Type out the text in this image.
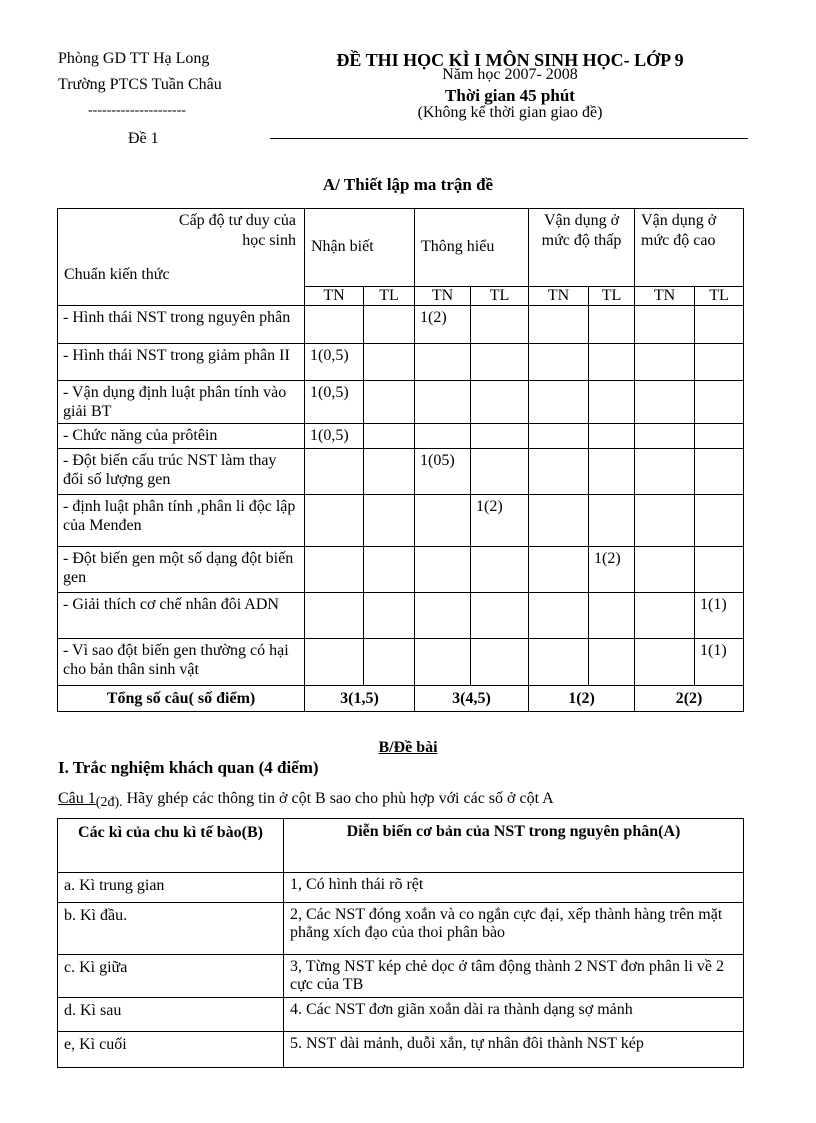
Phòng GD TT Hạ Long
Trường PTCS Tuần Châu
---------------------
Đề 1
ĐỀ THI HỌC KÌ I MÔN SINH HỌC- LỚP 9
Năm học 2007- 2008
Thời gian 45 phút
(Không kể thời gian giao đề)
A/ Thiết lập ma trận đề
Cấp độ tư duy của
học sinh
Chuẩn kiến thức	Nhận biết		Thông hiểu		Vận dụng ở mức độ thấp		Vận dụng ở mức độ cao	
	TN	TL	TN	TL	TN	TL	TN	TL
- Hình thái NST trong nguyên phân			1(2)					
- Hình thái NST trong giảm phân II	1(0,5)							
- Vận dụng định luật phân tính vào giải BT	1(0,5)							
- Chức năng của prôtêin	1(0,5)							
- Đột biến cấu trúc NST làm thay đổi số lượng gen			1(05)					
- định luật phân tính ,phân li độc lập của Menđen				1(2)				
- Đột biến gen một số dạng đột biến gen						1(2)		
- Giải thích cơ chế nhân đôi ADN								1(1)
- Vì sao đột biến gen thường có hại cho bản thân sinh vật								1(1)
Tổng số câu( số điểm)	3(1,5)		3(4,5)		1(2)		2(2)	
B/Đề bài
I. Trắc nghiệm khách quan (4 điểm)
Câu 1(2đ). Hãy ghép các thông tin ở cột B sao cho phù hợp với các số ở cột A
Các kì của chu kì tế bào(B)	Diễn biến cơ bản của NST trong nguyên phân(A)
a. Kì trung gian	1, Có hình thái rõ rệt
b. Kì đầu.	2, Các NST đóng xoắn và co ngắn cực đại, xếp thành hàng trên mặt phẳng xích đạo của thoi phân bào
c. Kì giữa	3, Từng NST kép chẻ dọc ở tâm động thành 2 NST đơn phân li về 2 cực của TB
d. Kì sau	4. Các NST đơn giãn xoắn dài ra thành dạng sợ mảnh
e, Kì cuối	5. NST dài mảnh, duỗi xắn, tự nhân đôi thành NST kép
